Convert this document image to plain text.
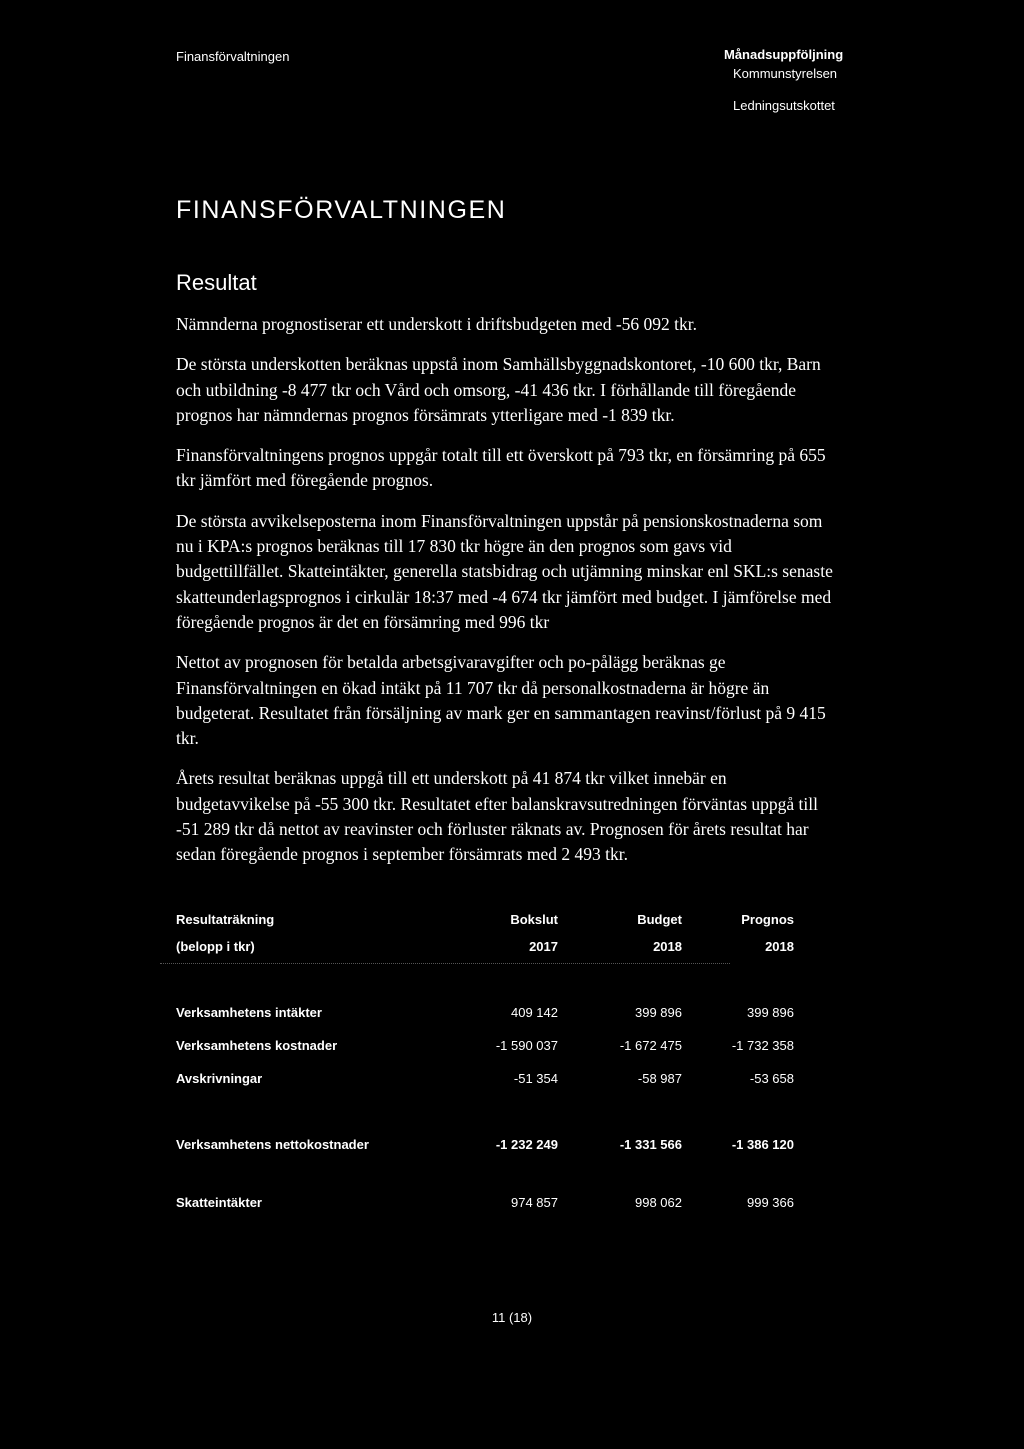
Finansförvaltningen	Månadsuppföljning
Kommunstyrelsen
Ledningsutskottet
FINANSFÖRVALTNINGEN
Resultat

Nämnderna prognostiserar ett underskott i driftsbudgeten med -56 092 tkr.

De största underskotten beräknas uppstå inom Samhällsbyggnadskontoret, -10 600 tkr, Barn och utbildning -8 477 tkr och Vård och omsorg, -41 436 tkr. I förhållande till föregående prognos har nämndernas prognos försämrats ytterligare med -1 839 tkr.

Finansförvaltningens prognos uppgår totalt till ett överskott på 793 tkr, en försämring på 655 tkr jämfört med föregående prognos.

De största avvikelseposterna inom Finansförvaltningen uppstår på pensionskostnaderna som nu i KPA:s prognos beräknas till 17 830 tkr högre än den prognos som gavs vid budgettillfället. Skatteintäkter, generella statsbidrag och utjämning minskar enl SKL:s senaste skatteunderlagsprognos i cirkulär 18:37 med -4 674 tkr jämfört med budget. I jämförelse med föregående prognos är det en försämring med 996 tkr

Nettot av prognosen för betalda arbetsgivaravgifter och po-pålägg beräknas ge Finansförvaltningen en ökad intäkt på 11 707 tkr då personalkostnaderna är högre än budgeterat. Resultatet från försäljning av mark ger en sammantagen reavinst/förlust på 9 415 tkr.

Årets resultat beräknas uppgå till ett underskott på 41 874 tkr vilket innebär en budgetavvikelse på -55 300 tkr. Resultatet efter balanskravsutredningen förväntas uppgå till -51 289 tkr då nettot av reavinster och förluster räknats av. Prognosen för årets resultat har sedan föregående prognos i september försämrats med 2 493 tkr.

Resultaträkning	Bokslut	Budget	Prognos
(belopp i tkr)	2017	2018	2018
Verksamhetens intäkter	409 142	399 896	399 896
Verksamhetens kostnader	-1 590 037	-1 672 475	-1 732 358
Avskrivningar	-51 354	-58 987	-53 658
Verksamhetens nettokostnader	-1 232 249	-1 331 566	-1 386 120
Skatteintäkter	974 857	998 062	999 366
11 (18)
